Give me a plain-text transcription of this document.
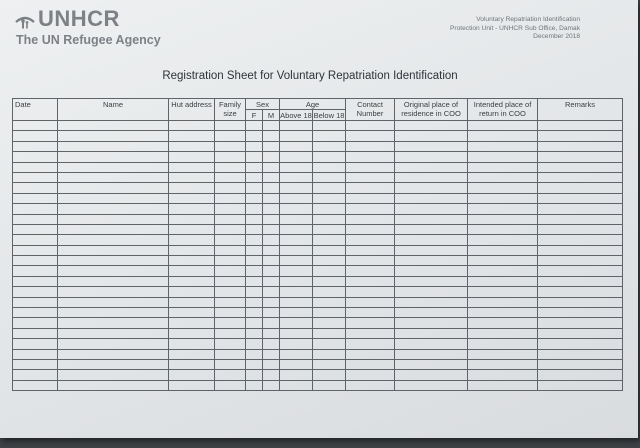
UNHCR
The UN Refugee Agency
Voluntary Repatriation Identification
Protection Unit - UNHCR Sub Office, Damak
December 2018
Registration Sheet for Voluntary Repatriation Identification
Date	Name	Hut address	Family size	Sex		Age		Contact Number	Original place of residence in COO	Intended place of return in COO	Remarks
				F	M	Above 18	Below 18				
